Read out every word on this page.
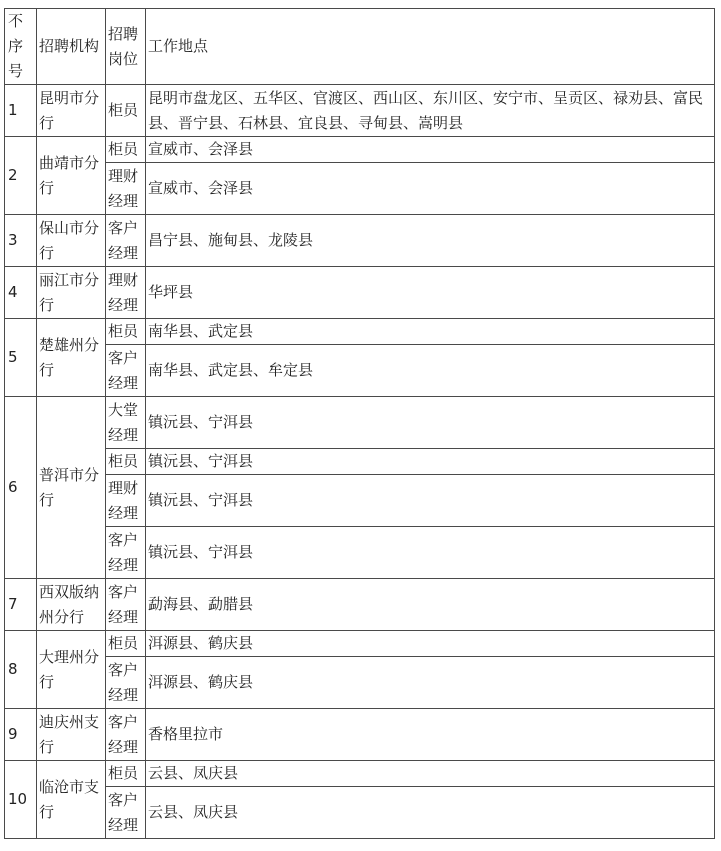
不序号	招聘机构	招聘岗位	工作地点
1	昆明市分行	柜员	昆明市盘龙区、五华区、官渡区、西山区、东川区、安宁市、呈贡区、禄劝县、富民县、晋宁县、石林县、宜良县、寻甸县、嵩明县
2	曲靖市分行	柜员	宣威市、会泽县
		理财经理	宣威市、会泽县
3	保山市分行	客户经理	昌宁县、施甸县、龙陵县
4	丽江市分行	理财经理	华坪县
5	楚雄州分行	柜员	南华县、武定县
		客户经理	南华县、武定县、牟定县
6	普洱市分行	大堂经理	镇沅县、宁洱县
		柜员	镇沅县、宁洱县
		理财经理	镇沅县、宁洱县
		客户经理	镇沅县、宁洱县
7	西双版纳州分行	客户经理	勐海县、勐腊县
8	大理州分行	柜员	洱源县、鹤庆县
		客户经理	洱源县、鹤庆县
9	迪庆州支行	客户经理	香格里拉市
10	临沧市支行	柜员	云县、凤庆县
		客户经理	云县、凤庆县
